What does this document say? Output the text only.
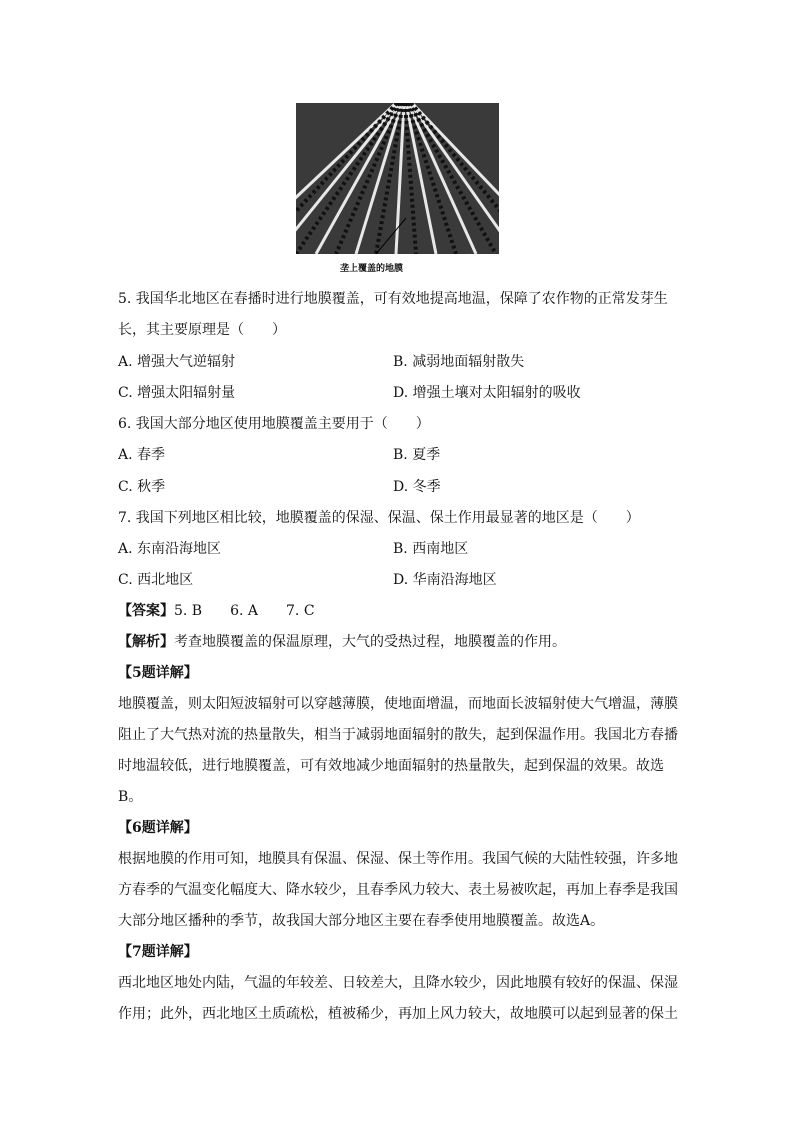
垄上覆盖的地膜
5. 我国华北地区在春播时进行地膜覆盖，可有效地提高地温，保障了农作物的正常发芽生
长，其主要原理是（　　）
A. 增强大气逆辐射	B. 减弱地面辐射散失
C. 增强太阳辐射量	D. 增强土壤对太阳辐射的吸收
6. 我国大部分地区使用地膜覆盖主要用于（　　）
A. 春季	B. 夏季
C. 秋季	D. 冬季
7. 我国下列地区相比较，地膜覆盖的保湿、保温、保土作用最显著的地区是（　　）
A. 东南沿海地区	B. 西南地区
C. 西北地区	D. 华南沿海地区
【答案】5. B　　6. A　　7. C
【解析】考查地膜覆盖的保温原理，大气的受热过程，地膜覆盖的作用。
【5题详解】
地膜覆盖，则太阳短波辐射可以穿越薄膜，使地面增温，而地面长波辐射使大气增温，薄膜
阻止了大气热对流的热量散失，相当于减弱地面辐射的散失，起到保温作用。我国北方春播
时地温较低，进行地膜覆盖，可有效地减少地面辐射的热量散失，起到保温的效果。故选
B。
【6题详解】
根据地膜的作用可知，地膜具有保温、保湿、保土等作用。我国气候的大陆性较强，许多地
方春季的气温变化幅度大、降水较少，且春季风力较大、表土易被吹起，再加上春季是我国
大部分地区播种的季节，故我国大部分地区主要在春季使用地膜覆盖。故选A。
【7题详解】
西北地区地处内陆，气温的年较差、日较差大，且降水较少，因此地膜有较好的保温、保湿
作用；此外，西北地区土质疏松，植被稀少，再加上风力较大，故地膜可以起到显著的保土
